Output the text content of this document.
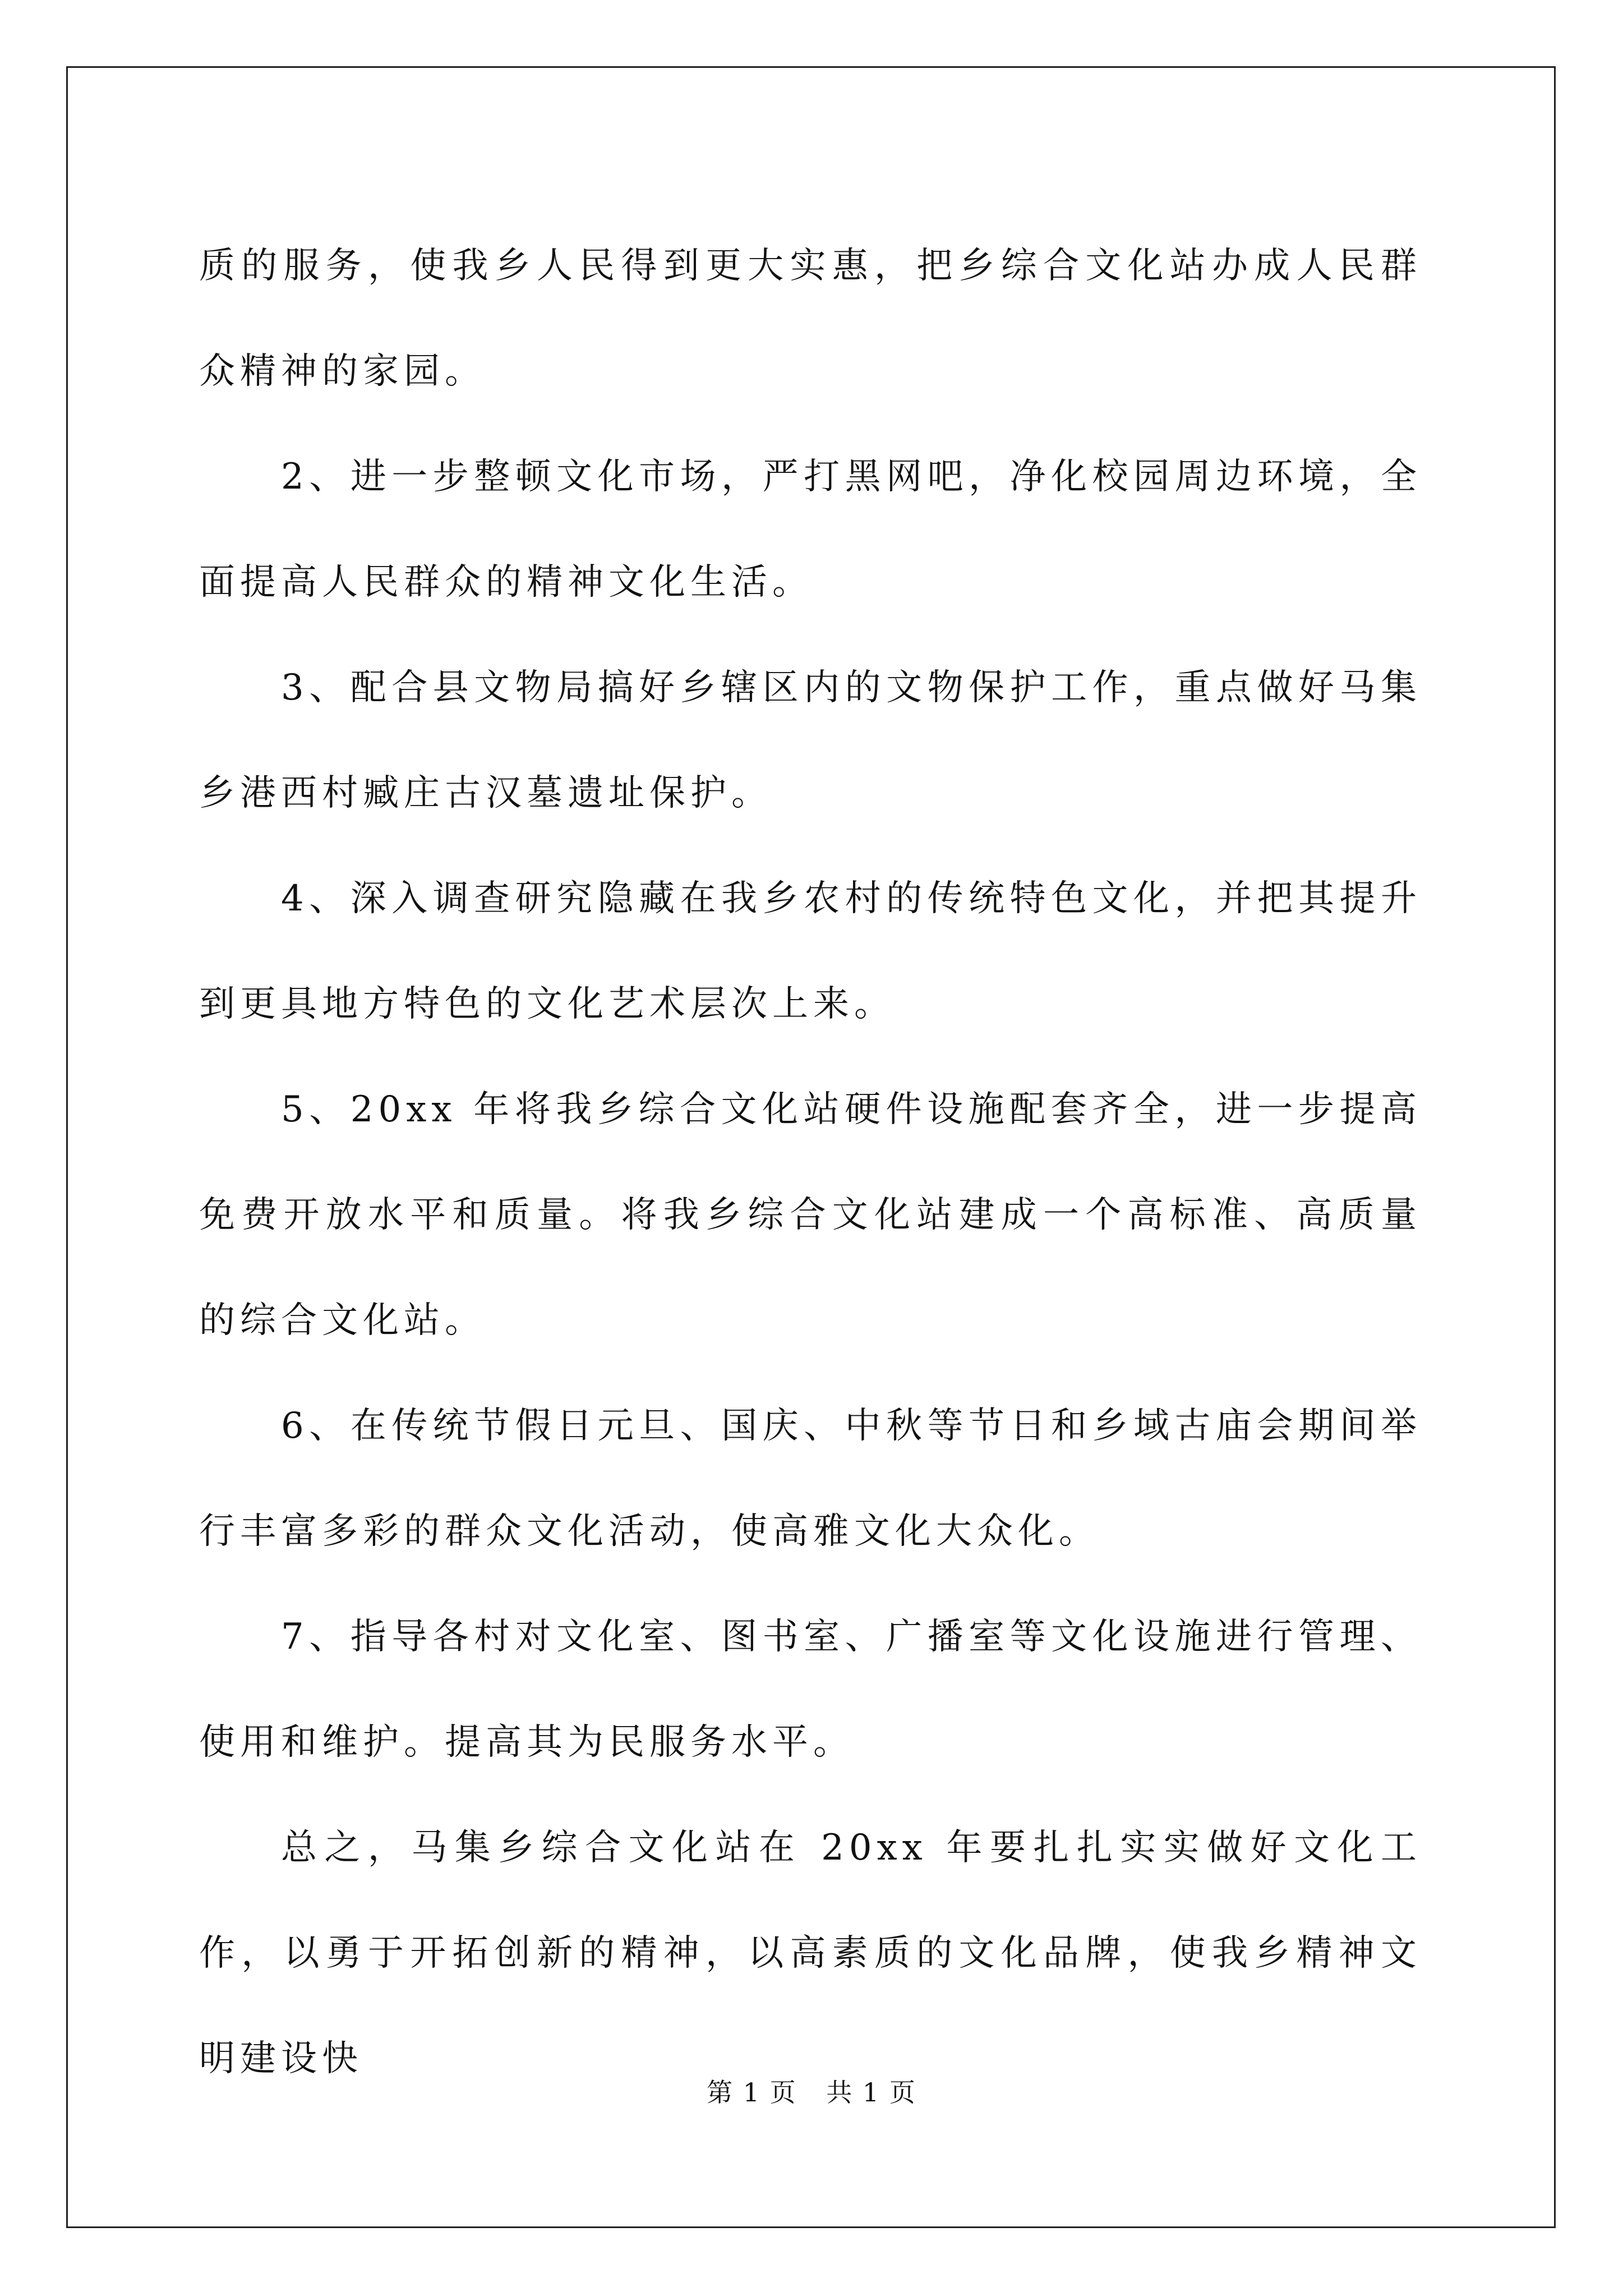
质的服务，使我乡人民得到更大实惠，把乡综合文化站办成人民群众精神的家园。

2、进一步整顿文化市场，严打黑网吧，净化校园周边环境，全面提高人民群众的精神文化生活。

3、配合县文物局搞好乡辖区内的文物保护工作，重点做好马集乡港西村臧庄古汉墓遗址保护。

4、深入调查研究隐藏在我乡农村的传统特色文化，并把其提升到更具地方特色的文化艺术层次上来。

5、20xx 年将我乡综合文化站硬件设施配套齐全，进一步提高免费开放水平和质量。将我乡综合文化站建成一个高标准、高质量的综合文化站。

6、在传统节假日元旦、国庆、中秋等节日和乡域古庙会期间举行丰富多彩的群众文化活动，使高雅文化大众化。

7、指导各村对文化室、图书室、广播室等文化设施进行管理、使用和维护。提高其为民服务水平。

总之，马集乡综合文化站在 20xx 年要扎扎实实做好文化工作，以勇于开拓创新的精神，以高素质的文化品牌，使我乡精神文明建设快

第 1 页 共 1 页
